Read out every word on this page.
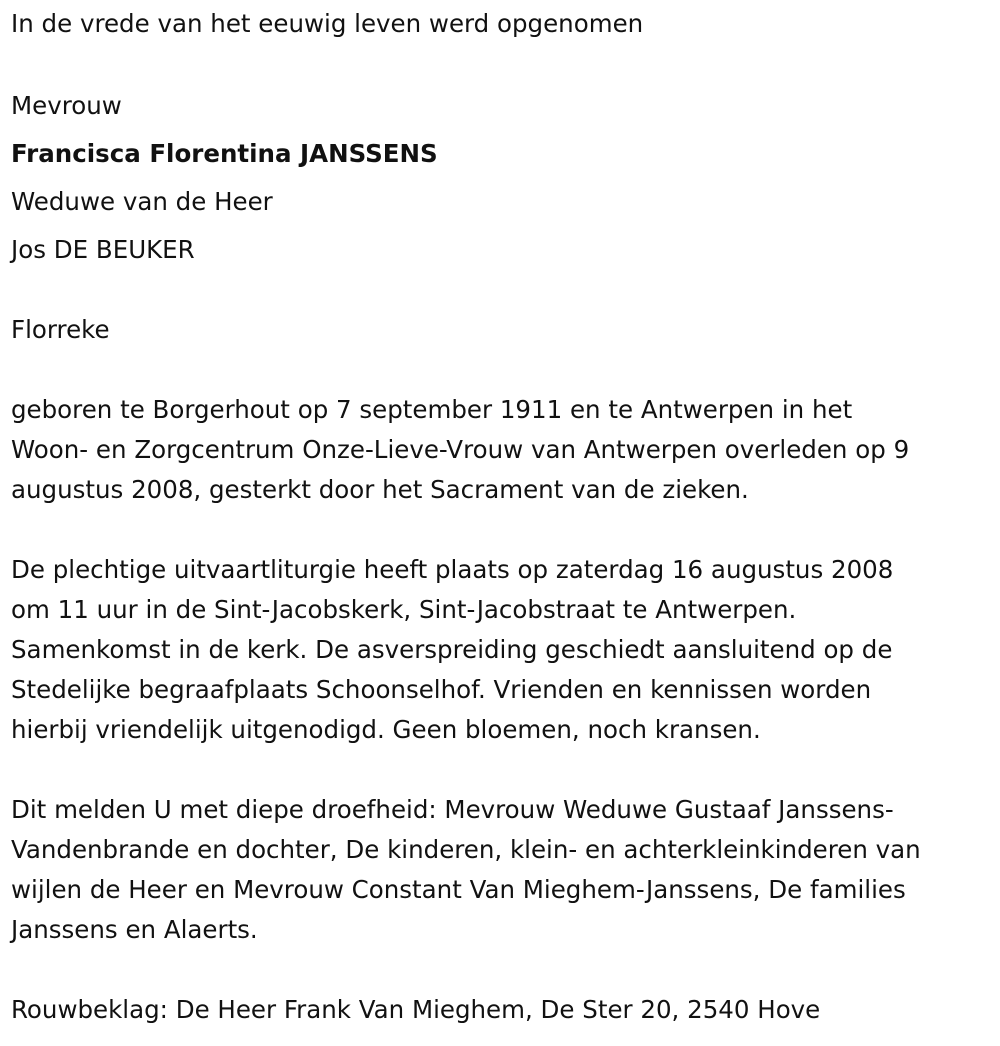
In de vrede van het eeuwig leven werd opgenomen
Mevrouw
Francisca Florentina JANSSENS
Weduwe van de Heer
Jos DE BEUKER
Florreke
geboren te Borgerhout op 7 september 1911 en te Antwerpen in het
Woon- en Zorgcentrum Onze-Lieve-Vrouw van Antwerpen overleden op 9
augustus 2008, gesterkt door het Sacrament van de zieken.
De plechtige uitvaartliturgie heeft plaats op zaterdag 16 augustus 2008
om 11 uur in de Sint-Jacobskerk, Sint-Jacobstraat te Antwerpen.
Samenkomst in de kerk. De asverspreiding geschiedt aansluitend op de
Stedelijke begraafplaats Schoonselhof. Vrienden en kennissen worden
hierbij vriendelijk uitgenodigd. Geen bloemen, noch kransen.
Dit melden U met diepe droefheid: Mevrouw Weduwe Gustaaf Janssens-
Vandenbrande en dochter, De kinderen, klein- en achterkleinkinderen van
wijlen de Heer en Mevrouw Constant Van Mieghem-Janssens, De families
Janssens en Alaerts.
Rouwbeklag: De Heer Frank Van Mieghem, De Ster 20, 2540 Hove
